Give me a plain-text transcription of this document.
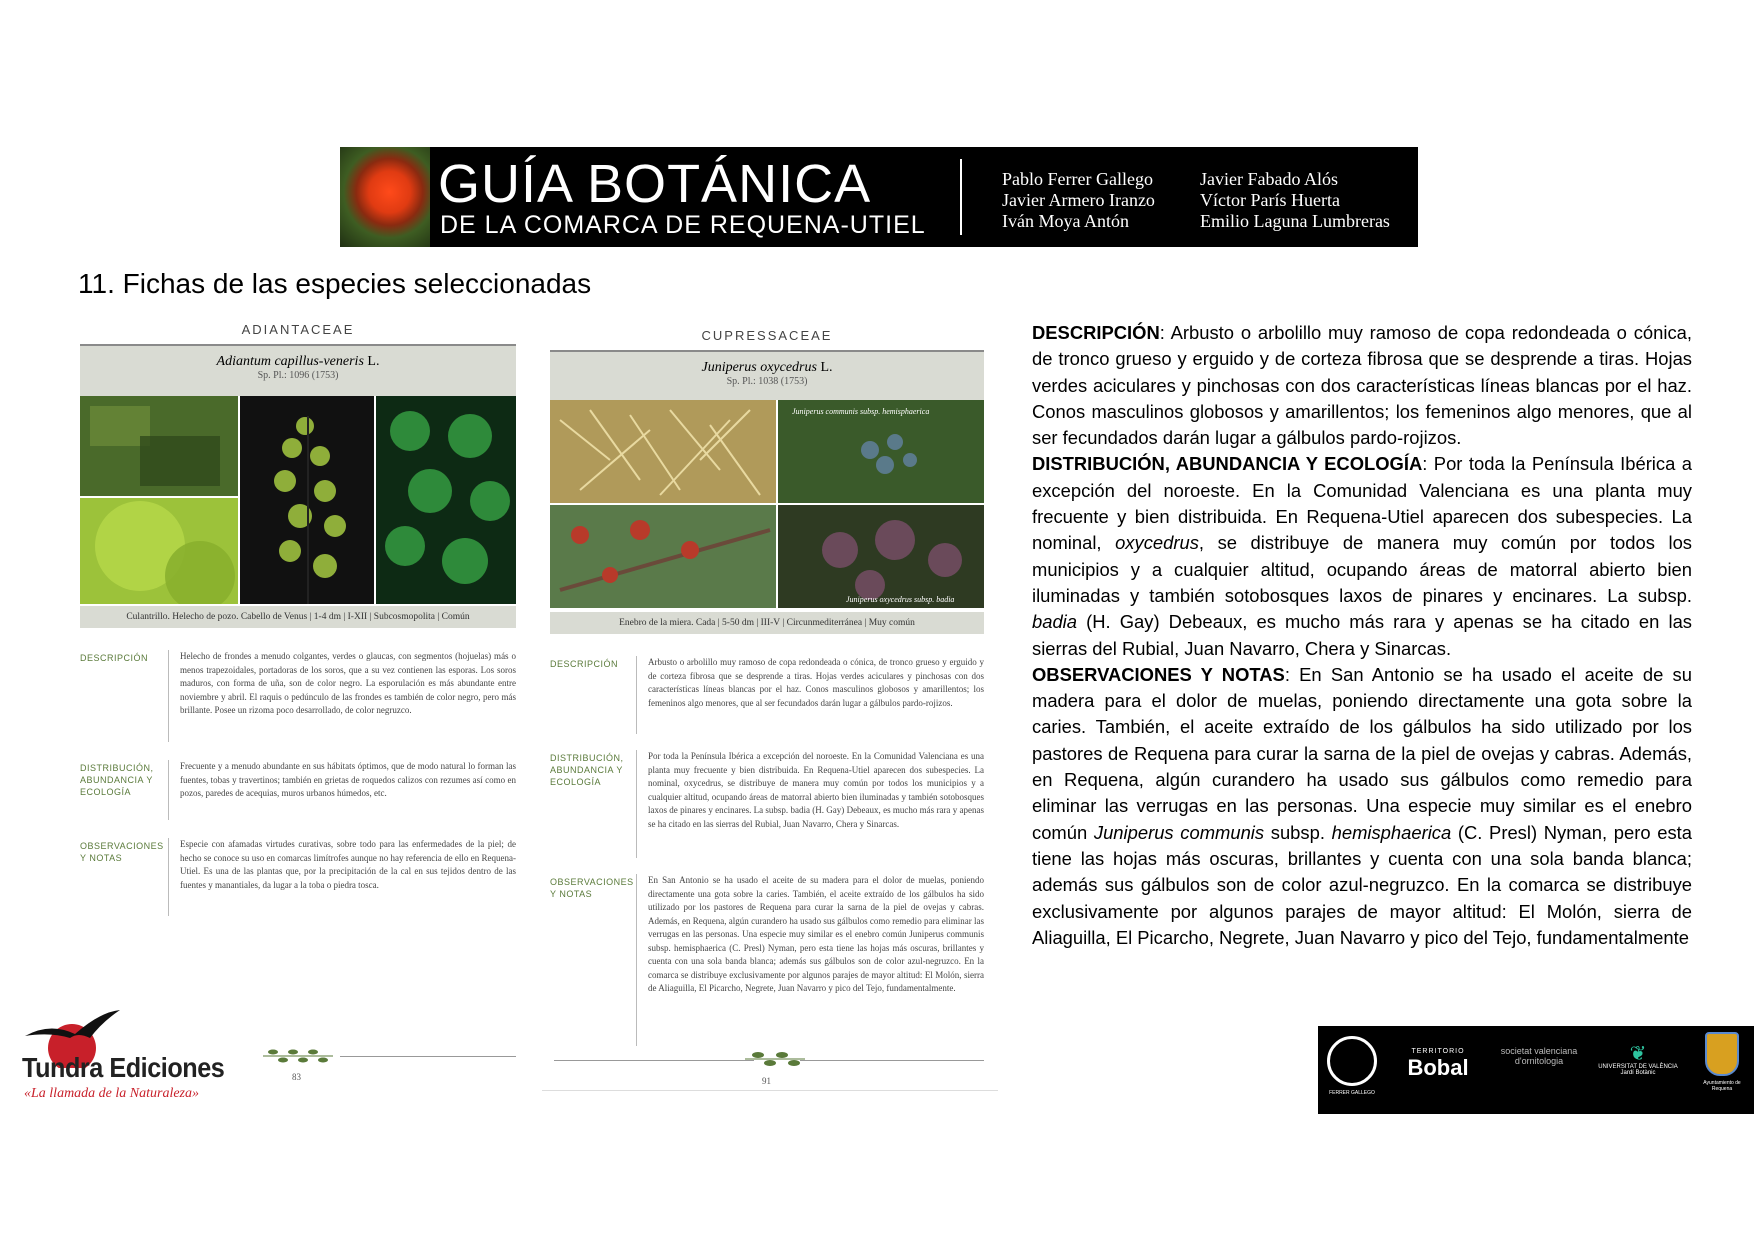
GUÍA BOTÁNICA
DE LA COMARCA DE REQUENA-UTIEL
Pablo Ferrer Gallego
Javier Armero Iranzo
Iván Moya Antón
Javier Fabado Alós
Víctor París Huerta
Emilio Laguna Lumbreras
11. Fichas de las especies seleccionadas
ADIANTACEAE
Adiantum capillus-veneris L.
Sp. Pl.: 1096 (1753)
Culantrillo. Helecho de pozo. Cabello de Venus | 1-4 dm | I-XII | Subcosmopolita | Común
DESCRIPCIÓN	Helecho de frondes a menudo colgantes, verdes o glaucas, con segmentos (hojuelas) más o menos trapezoidales, portadoras de los soros, que a su vez contienen las esporas. Los soros maduros, con forma de uña, son de color negro. La esporulación es más abundante entre noviembre y abril. El raquis o pedúnculo de las frondes es también de color negro, pero más brillante. Posee un rizoma poco desarrollado, de color negruzco.
DISTRIBUCIÓN, ABUNDANCIA Y ECOLOGÍA
Frecuente y a menudo abundante en sus hábitats óptimos, que de modo natural lo forman las fuentes, tobas y travertinos; también en grietas de roquedos calizos con rezumes así como en pozos, paredes de acequias, muros urbanos húmedos, etc.
OBSERVACIONES Y NOTAS
Especie con afamadas virtudes curativas, sobre todo para las enfermedades de la piel; de hecho se conoce su uso en comarcas limítrofes aunque no hay referencia de ello en Requena-Utiel. Es una de las plantas que, por la precipitación de la cal en sus tejidos dentro de las fuentes y manantiales, da lugar a la toba o piedra tosca.
83
CUPRESSACEAE
Juniperus oxycedrus L.
Sp. Pl.: 1038 (1753)
Juniperus communis subsp. hemisphaerica
Juniperus oxycedrus subsp. badia
Enebro de la miera. Cada | 5-50 dm | III-V | Circunmediterránea | Muy común
DESCRIPCIÓN	Arbusto o arbolillo muy ramoso de copa redondeada o cónica, de tronco grueso y erguido y de corteza fibrosa que se desprende a tiras. Hojas verdes aciculares y pinchosas con dos características líneas blancas por el haz. Conos masculinos globosos y amarillentos; los femeninos algo menores, que al ser fecundados darán lugar a gálbulos pardo-rojizos.
DISTRIBUCIÓN, ABUNDANCIA Y ECOLOGÍA
Por toda la Península Ibérica a excepción del noroeste. En la Comunidad Valenciana es una planta muy frecuente y bien distribuida. En Requena-Utiel aparecen dos subespecies. La nominal, oxycedrus, se distribuye de manera muy común por todos los municipios y a cualquier altitud, ocupando áreas de matorral abierto bien iluminadas y también sotobosques laxos de pinares y encinares. La subsp. badia (H. Gay) Debeaux, es mucho más rara y apenas se ha citado en las sierras del Rubial, Juan Navarro, Chera y Sinarcas.
OBSERVACIONES Y NOTAS
En San Antonio se ha usado el aceite de su madera para el dolor de muelas, poniendo directamente una gota sobre la caries. También, el aceite extraído de los gálbulos ha sido utilizado por los pastores de Requena para curar la sarna de la piel de ovejas y cabras. Además, en Requena, algún curandero ha usado sus gálbulos como remedio para eliminar las verrugas en las personas. Una especie muy similar es el enebro común Juniperus communis subsp. hemisphaerica (C. Presl) Nyman, pero esta tiene las hojas más oscuras, brillantes y cuenta con una sola banda blanca; además sus gálbulos son de color azul-negruzco. En la comarca se distribuye exclusivamente por algunos parajes de mayor altitud: El Molón, sierra de Aliaguilla, El Picarcho, Negrete, Juan Navarro y pico del Tejo, fundamentalmente.
91

DESCRIPCIÓN: Arbusto o arbolillo muy ramoso de copa redondeada o cónica, de tronco grueso y erguido y de corteza fibrosa que se desprende a tiras. Hojas verdes aciculares y pinchosas con dos características líneas blancas por el haz. Conos masculinos globosos y amarillentos; los femeninos algo menores, que al ser fecundados darán lugar a gálbulos pardo-rojizos.

DISTRIBUCIÓN, ABUNDANCIA Y ECOLOGÍA: Por toda la Península Ibérica a excepción del noroeste. En la Comunidad Valenciana es una planta muy frecuente y bien distribuida. En Requena-Utiel aparecen dos subespecies. La nominal, oxycedrus, se distribuye de manera muy común por todos los municipios y a cualquier altitud, ocupando áreas de matorral abierto bien iluminadas y también sotobosques laxos de pinares y encinares. La subsp. badia (H. Gay) Debeaux, es mucho más rara y apenas se ha citado en las sierras del Rubial, Juan Navarro, Chera y Sinarcas.

OBSERVACIONES Y NOTAS: En San Antonio se ha usado el aceite de su madera para el dolor de muelas, poniendo directamente una gota sobre la caries. También, el aceite extraído de los gálbulos ha sido utilizado por los pastores de Requena para curar la sarna de la piel de ovejas y cabras. Además, en Requena, algún curandero ha usado sus gálbulos como remedio para eliminar las verrugas en las personas. Una especie muy similar es el enebro común Juniperus communis subsp. hemisphaerica (C. Presl) Nyman, pero esta tiene las hojas más oscuras, brillantes y cuenta con una sola banda blanca; además sus gálbulos son de color azul-negruzco. En la comarca se distribuye exclusivamente por algunos parajes de mayor altitud: El Molón, sierra de Aliaguilla, El Picarcho, Negrete, Juan Navarro y pico del Tejo, fundamentalmente

Tundra Ediciones
«La llamada de la Naturaleza»	FERRER GALLEGO
TERRITORIO
Bobal
societat valenciana d'ornitologia	❦
UNIVERSITAT DE VALÈNCIA
Jardí Botànic
Ayuntamiento de Requena
